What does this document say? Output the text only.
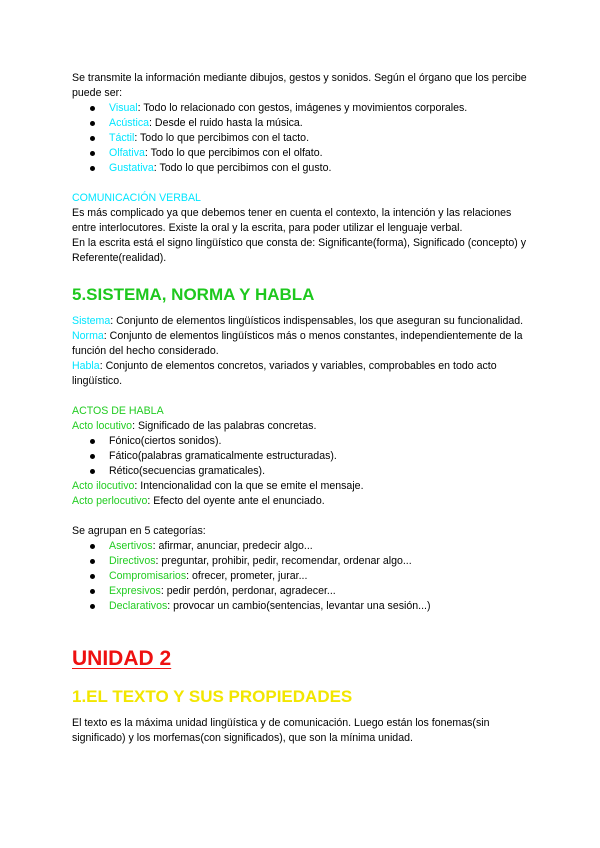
Se transmite la información mediante dibujos, gestos y sonidos. Según el órgano que los percibe puede ser:

Visual: Todo lo relacionado con gestos, imágenes y movimientos corporales.
Acústica: Desde el ruido hasta la música.
Táctil: Todo lo que percibimos con el tacto.
Olfativa: Todo lo que percibimos con el olfato.
Gustativa: Todo lo que percibimos con el gusto.

COMUNICACIÓN VERBAL

Es más complicado ya que debemos tener en cuenta el contexto, la intención y las relaciones entre interlocutores. Existe la oral y la escrita, para poder utilizar el lenguaje verbal.

En la escrita está el signo lingüístico que consta de: Significante(forma), Significado (concepto) y Referente(realidad).

5.SISTEMA, NORMA Y HABLA

Sistema: Conjunto de elementos lingüísticos indispensables, los que aseguran su funcionalidad.

Norma: Conjunto de elementos lingüísticos más o menos constantes, independientemente de la función del hecho considerado.

Habla: Conjunto de elementos concretos, variados y variables, comprobables en todo acto lingüístico.

ACTOS DE HABLA

Acto locutivo: Significado de las palabras concretas.

Fónico(ciertos sonidos).
Fático(palabras gramaticalmente estructuradas).
Rético(secuencias gramaticales).

Acto ilocutivo: Intencionalidad con la que se emite el mensaje.

Acto perlocutivo: Efecto del oyente ante el enunciado.

Se agrupan en 5 categorías:

Asertivos: afirmar, anunciar, predecir algo...
Directivos: preguntar, prohibir, pedir, recomendar, ordenar algo...
Compromisarios: ofrecer, prometer, jurar...
Expresivos: pedir perdón, perdonar, agradecer...
Declarativos: provocar un cambio(sentencias, levantar una sesión...)
UNIDAD 2
1.EL TEXTO Y SUS PROPIEDADES

El texto es la máxima unidad lingüística y de comunicación. Luego están los fonemas(sin significado) y los morfemas(con significados), que son la mínima unidad.
